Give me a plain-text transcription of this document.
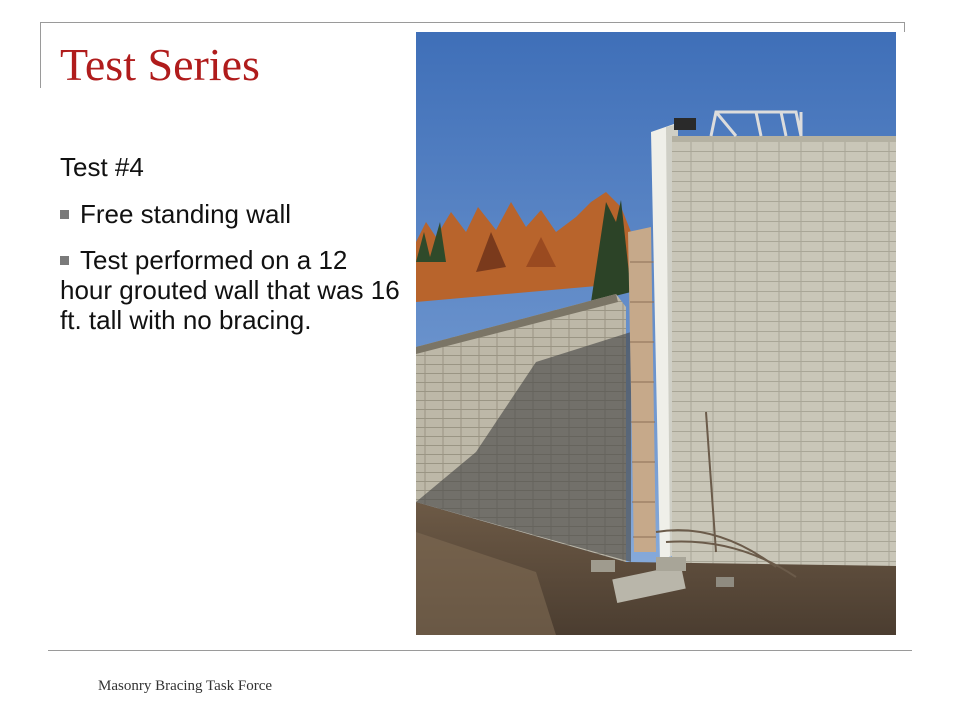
Test Series

Test #4

Free standing wall

Test performed on a 12 hour grouted wall that was 16 ft. tall with no bracing.

Masonry Bracing Task Force
